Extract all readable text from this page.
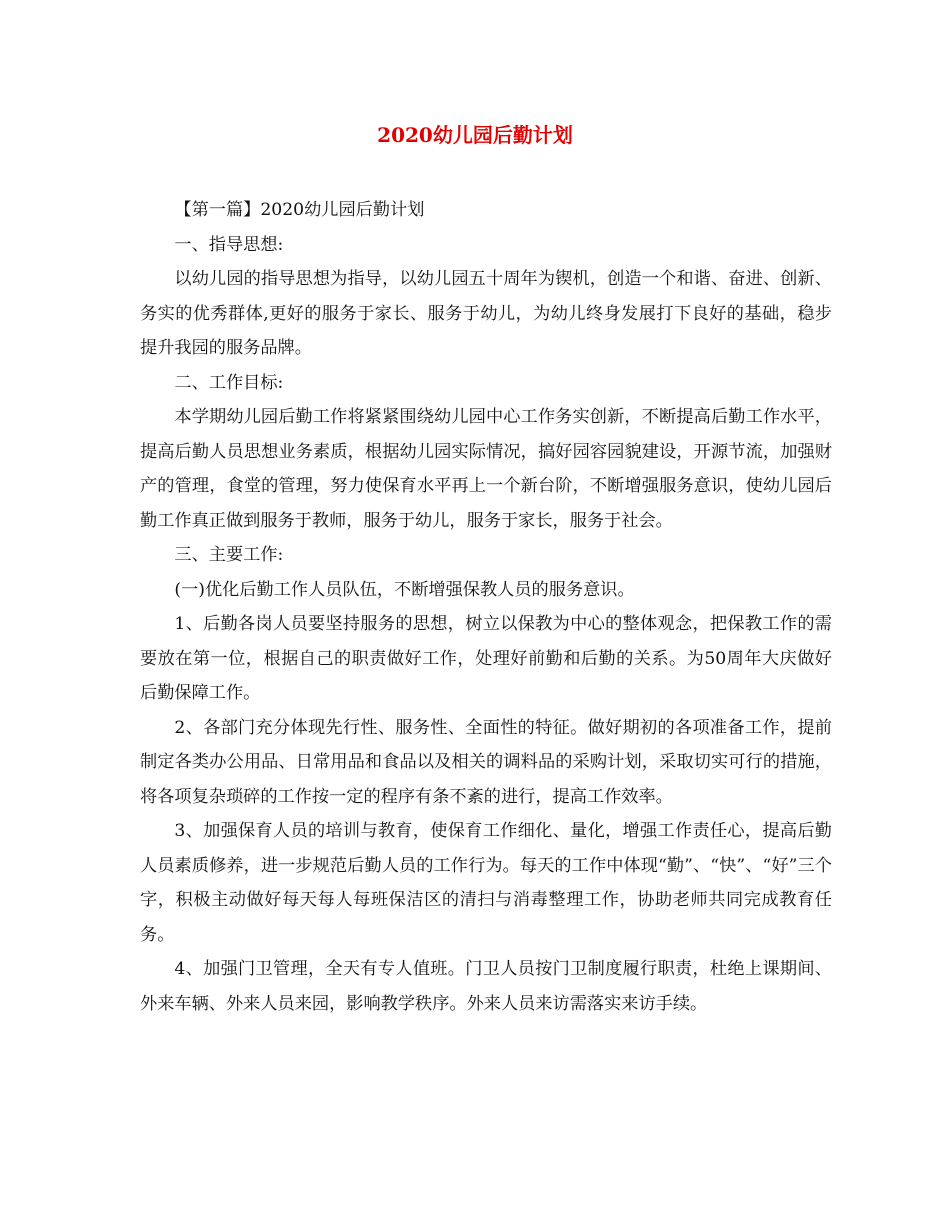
2020幼儿园后勤计划

【第一篇】2020幼儿园后勤计划

一、指导思想:

以幼儿园的指导思想为指导，以幼儿园五十周年为锲机，创造一个和谐、奋进、创新、务实的优秀群体,更好的服务于家长、服务于幼儿，为幼儿终身发展打下良好的基础，稳步提升我园的服务品牌。

二、工作目标:

本学期幼儿园后勤工作将紧紧围绕幼儿园中心工作务实创新，不断提高后勤工作水平，提高后勤人员思想业务素质，根据幼儿园实际情况，搞好园容园貌建设，开源节流，加强财产的管理，食堂的管理，努力使保育水平再上一个新台阶，不断增强服务意识，使幼儿园后勤工作真正做到服务于教师，服务于幼儿，服务于家长，服务于社会。

三、主要工作:

(一)优化后勤工作人员队伍，不断增强保教人员的服务意识。

1、后勤各岗人员要坚持服务的思想，树立以保教为中心的整体观念，把保教工作的需要放在第一位，根据自己的职责做好工作，处理好前勤和后勤的关系。为50周年大庆做好后勤保障工作。

2、各部门充分体现先行性、服务性、全面性的特征。做好期初的各项准备工作，提前制定各类办公用品、日常用品和食品以及相关的调料品的采购计划，采取切实可行的措施，将各项复杂琐碎的工作按一定的程序有条不紊的进行，提高工作效率。

3、加强保育人员的培训与教育，使保育工作细化、量化，增强工作责任心，提高后勤人员素质修养，进一步规范后勤人员的工作行为。每天的工作中体现“勤”、“快”、“好”三个字，积极主动做好每天每人每班保洁区的清扫与消毒整理工作，协助老师共同完成教育任务。

4、加强门卫管理，全天有专人值班。门卫人员按门卫制度履行职责，杜绝上课期间、外来车辆、外来人员来园，影响教学秩序。外来人员来访需落实来访手续。
